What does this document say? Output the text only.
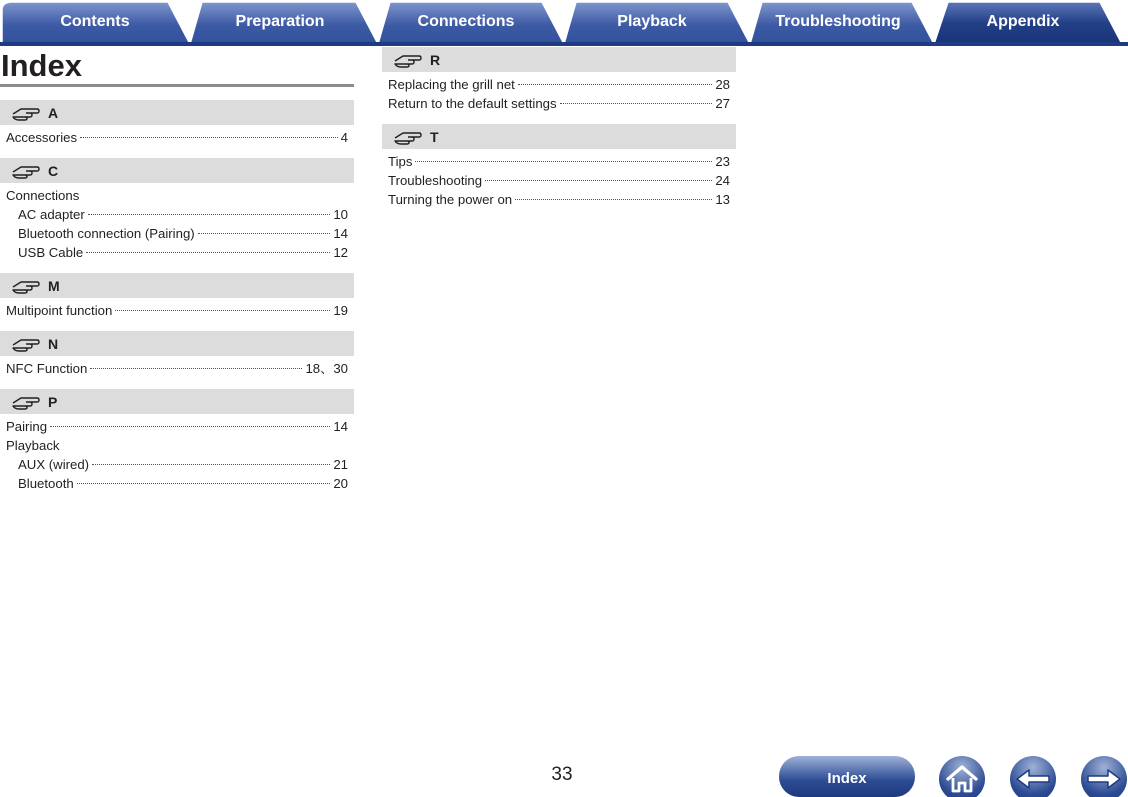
Contents	Preparation	Connections	Playback	Troubleshooting	Appendix
Index
A
Accessories	4
C
Connections
AC adapter	10
Bluetooth connection (Pairing)	14
USB Cable	12
M
Multipoint function	19
N
NFC Function	18、30
P
Pairing	14
Playback
AUX (wired)	21
Bluetooth	20
R
Replacing the grill net	28
Return to the default settings	27
T
Tips	23
Troubleshooting	24
Turning the power on	13
33	Index
